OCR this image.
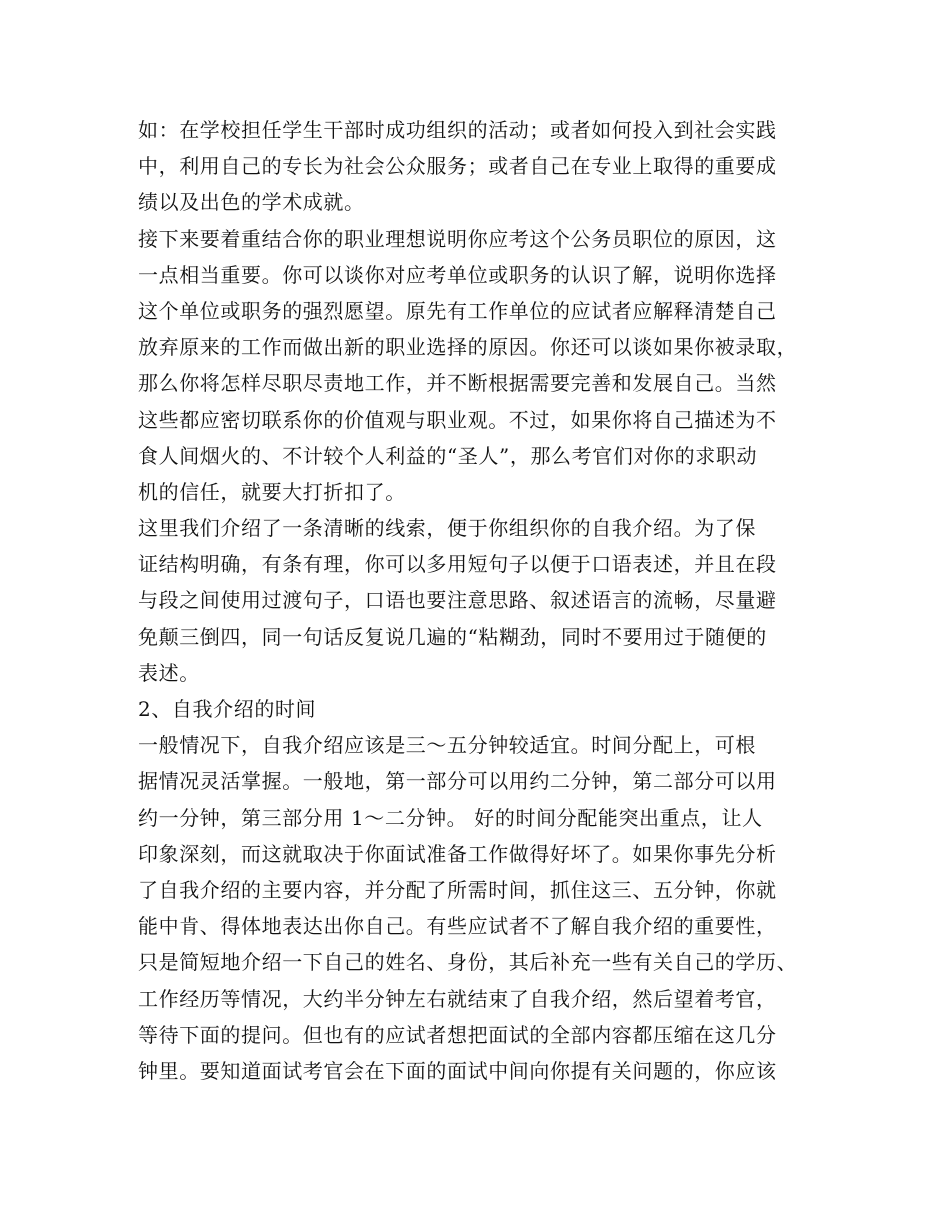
如：在学校担任学生干部时成功组织的活动；或者如何投入到社会实践
中，利用自己的专长为社会公众服务；或者自己在专业上取得的重要成
绩以及出色的学术成就。
接下来要着重结合你的职业理想说明你应考这个公务员职位的原因，这
一点相当重要。你可以谈你对应考单位或职务的认识了解，说明你选择
这个单位或职务的强烈愿望。原先有工作单位的应试者应解释清楚自己
放弃原来的工作而做出新的职业选择的原因。你还可以谈如果你被录取，
那么你将怎样尽职尽责地工作，并不断根据需要完善和发展自己。当然
这些都应密切联系你的价值观与职业观。不过，如果你将自己描述为不
食人间烟火的、不计较个人利益的“圣人”，那么考官们对你的求职动
机的信任，就要大打折扣了。
这里我们介绍了一条清晰的线索，便于你组织你的自我介绍。为了保
证结构明确，有条有理，你可以多用短句子以便于口语表述，并且在段
与段之间使用过渡句子，口语也要注意思路、叙述语言的流畅，尽量避
免颠三倒四，同一句话反复说几遍的“粘糊劲，同时不要用过于随便的
表述。
2、自我介绍的时间
一般情况下，自我介绍应该是三～五分钟较适宜。时间分配上，可根
据情况灵活掌握。一般地，第一部分可以用约二分钟，第二部分可以用
约一分钟，第三部分用 1～二分钟。 好的时间分配能突出重点，让人
印象深刻，而这就取决于你面试准备工作做得好坏了。如果你事先分析
了自我介绍的主要内容，并分配了所需时间，抓住这三、五分钟，你就
能中肯、得体地表达出你自己。有些应试者不了解自我介绍的重要性，
只是简短地介绍一下自己的姓名、身份，其后补充一些有关自己的学历、
工作经历等情况，大约半分钟左右就结束了自我介绍，然后望着考官，
等待下面的提问。但也有的应试者想把面试的全部内容都压缩在这几分
钟里。要知道面试考官会在下面的面试中间向你提有关问题的，你应该
